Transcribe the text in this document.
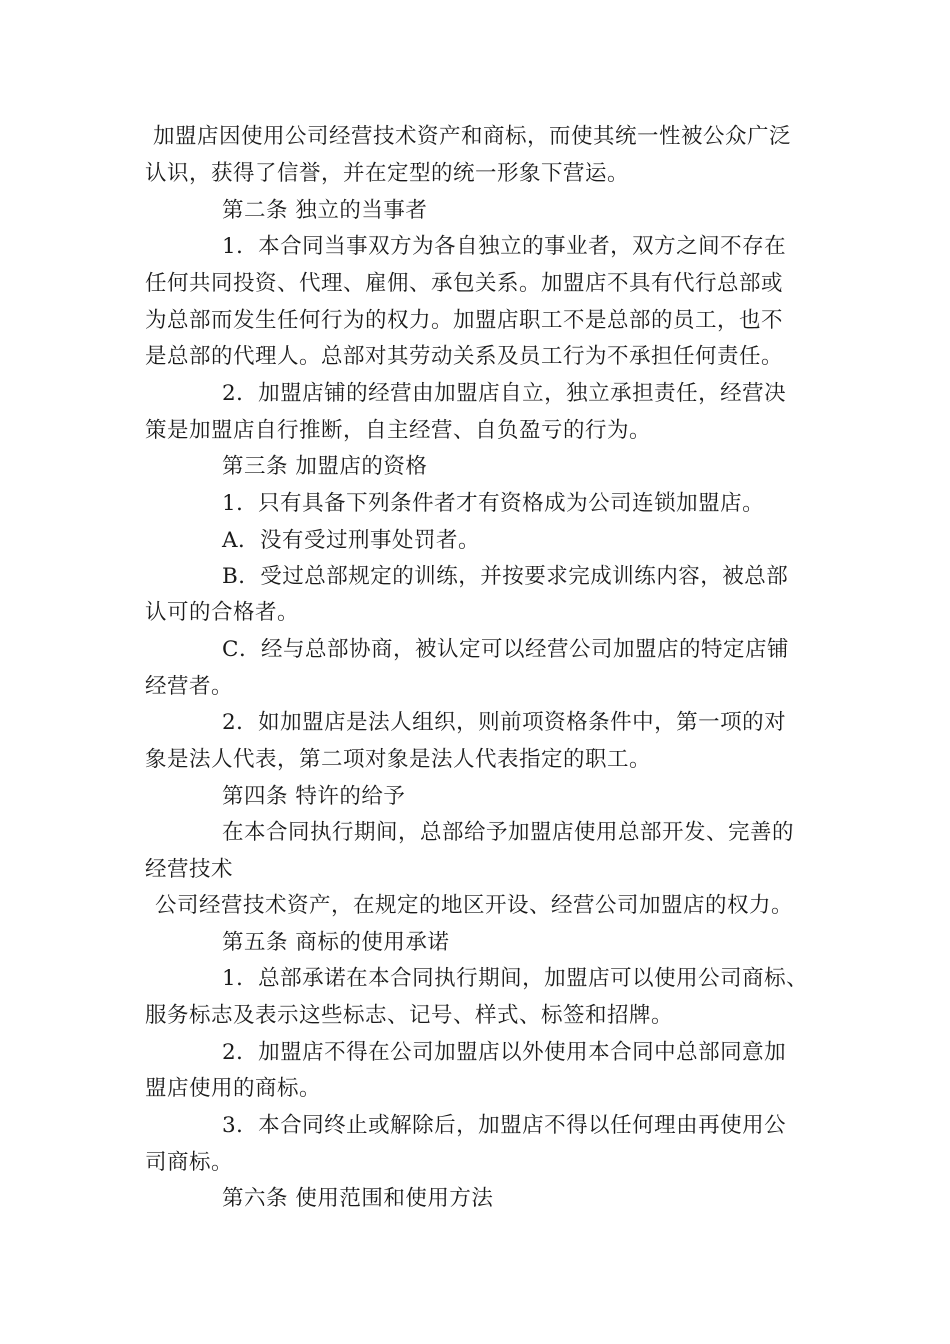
加盟店因使用公司经营技术资产和商标，而使其统一性被公众广泛
认识，获得了信誉，并在定型的统一形象下营运。
第二条 独立的当事者
1．本合同当事双方为各自独立的事业者，双方之间不存在
任何共同投资、代理、雇佣、承包关系。加盟店不具有代行总部或
为总部而发生任何行为的权力。加盟店职工不是总部的员工，也不
是总部的代理人。总部对其劳动关系及员工行为不承担任何责任。
2．加盟店铺的经营由加盟店自立，独立承担责任，经营决
策是加盟店自行推断，自主经营、自负盈亏的行为。
第三条 加盟店的资格
1．只有具备下列条件者才有资格成为公司连锁加盟店。
A．没有受过刑事处罚者。
B．受过总部规定的训练，并按要求完成训练内容，被总部
认可的合格者。
C．经与总部协商，被认定可以经营公司加盟店的特定店铺
经营者。
2．如加盟店是法人组织，则前项资格条件中，第一项的对
象是法人代表，第二项对象是法人代表指定的职工。
第四条 特许的给予
在本合同执行期间，总部给予加盟店使用总部开发、完善的
经营技术
公司经营技术资产，在规定的地区开设、经营公司加盟店的权力。
第五条 商标的使用承诺
1．总部承诺在本合同执行期间，加盟店可以使用公司商标、
服务标志及表示这些标志、记号、样式、标签和招牌。
2．加盟店不得在公司加盟店以外使用本合同中总部同意加
盟店使用的商标。
3．本合同终止或解除后，加盟店不得以任何理由再使用公
司商标。
第六条 使用范围和使用方法
